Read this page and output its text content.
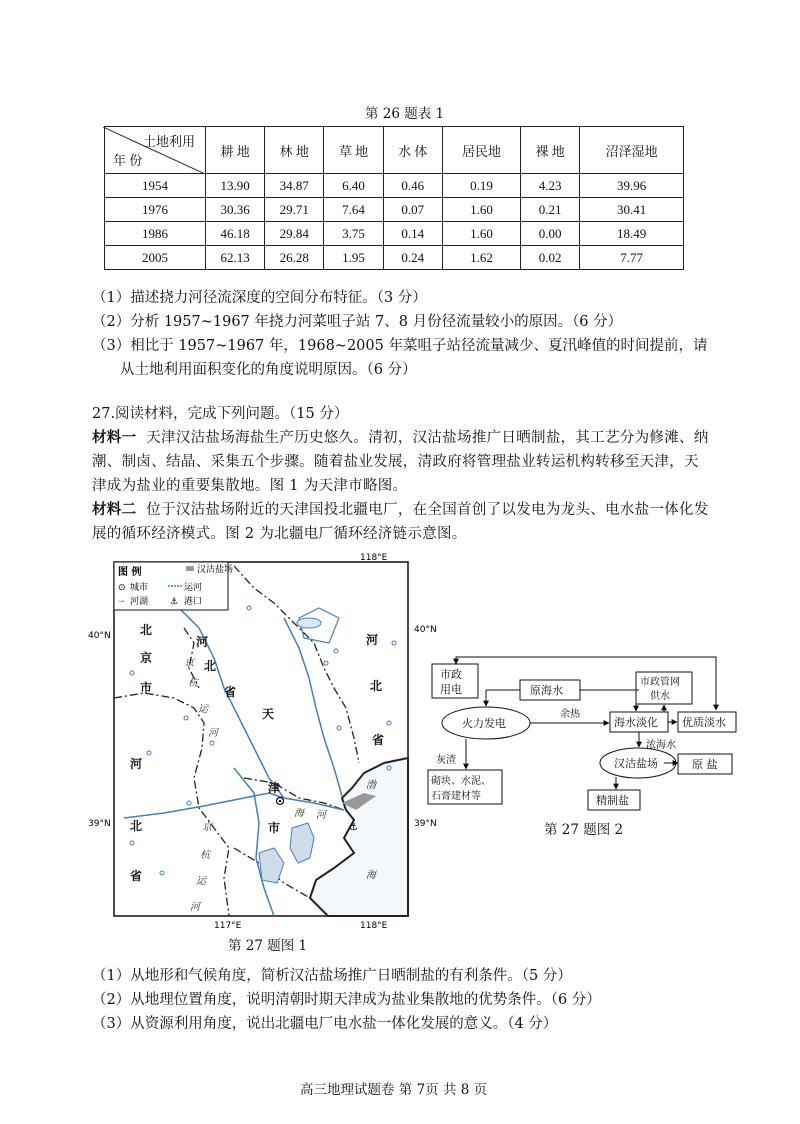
第 26 题表 1
土地利用
年 份	耕 地	林 地	草 地	水 体	居民地	裸 地	沼泽湿地
1954	13.90	34.87	6.40	0.46	0.19	4.23	39.96
1976	30.36	29.71	7.64	0.07	1.60	0.21	30.41
1986	46.18	29.84	3.75	0.14	1.60	0.00	18.49
2005	62.13	26.28	1.95	0.24	1.62	0.02	7.77
（1）描述挠力河径流深度的空间分布特征。（3 分）
（2）分析 1957~1967 年挠力河菜咀子站 7、8 月份径流量较小的原因。（6 分）
（3）相比于 1957~1967 年，1968~2005 年菜咀子站径流量减少、夏汛峰值的时间提前，请
从土地利用面积变化的角度说明原因。（6 分）
27.阅读材料，完成下列问题。（15 分）
材料一 天津汉沽盐场海盐生产历史悠久。清初，汉沽盐场推广日晒制盐，其工艺分为修滩、纳潮、制卤、结晶、采集五个步骤。随着盐业发展，清政府将管理盐业转运机构转移至天津，天津成为盐业的重要集散地。图 1 为天津市略图。
材料二 位于汉沽盐场附近的天津国投北疆电厂，在全国首创了以发电为龙头、电水盐一体化发展的循环经济模式。图 2 为北疆电厂循环经济链示意图。
⚓
图 例
⊙ 城市	运河
∽ 河湖 ⚓ 港口
汉沽盐场
118°E
117°E	118°E
40°N
40°N
39°N	39°N
北
京
市
河
北
省
河
北
省
河
北
省
天
津
市
渤
海
京
杭
运
河
海 河
京
杭
运
河
第 27 题图 1
市政
用电	原海水
市政管网
供水
火力发电	海水淡化 优质淡水
汉沽盐场	原 盐
精制盐
砌块、水泥、
石膏建材等
余热
浓海水
灰渣
第 27 题图 2
（1）从地形和气候角度，简析汉沽盐场推广日晒制盐的有利条件。（5 分）
（2）从地理位置角度，说明清朝时期天津成为盐业集散地的优势条件。（6 分）
（3）从资源利用角度，说出北疆电厂电水盐一体化发展的意义。（4 分）
高三地理试题卷 第 7页 共 8 页
